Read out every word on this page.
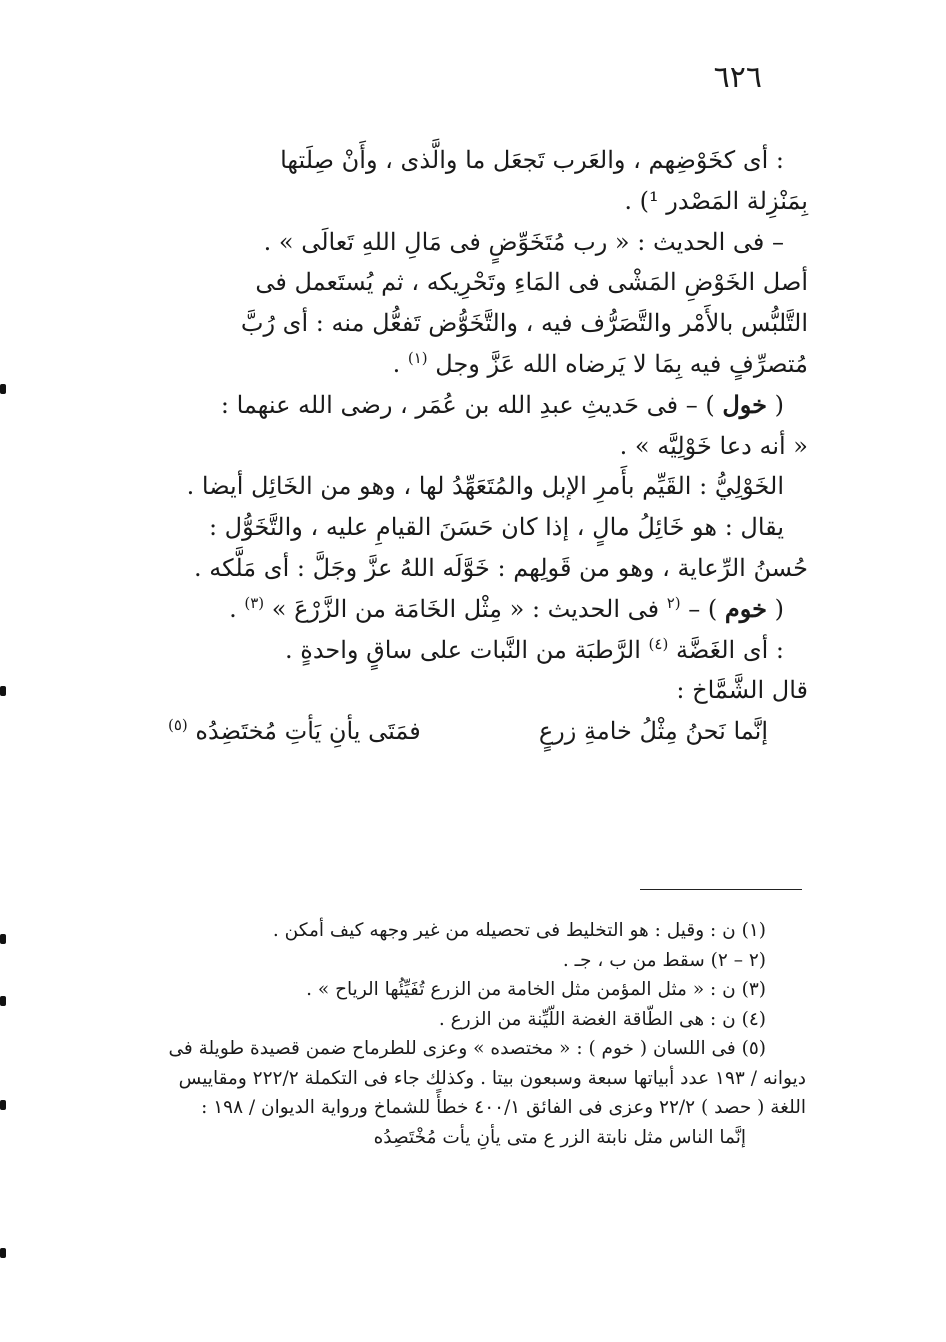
٦٢٦

: أى كخَوْضِهم ، والعَرب تَجعَل ما والَّذى ، وأَنْ صِلَتها

بِمَنْزِلة المَصْدر ¹) .

– فى الحديث : « رب مُتَخَوِّضٍ فى مَالِ اللهِ تَعالَى » .

أصل الخَوْضِ المَشْى فى المَاءِ وتَحْرِيكه ، ثم يُستَعمل فى

التَّلبُّس بالأَمْر والتَّصَرُّف فيه ، والتَّخَوُّض تَفعُّل منه : أى رُبَّ

مُتصرِّفٍ فيه بِمَا لا يَرضاه الله عَزَّ وجل $^{(١)}$ .

( خول ) – فى حَديثِ عبدِ الله بن عُمَر ، رضى الله عنهما :

« أنه دعا خَوْلِيَّه » .

الخَوْلِيُّ : القَيِّم بأَمرِ الإبل والمُتَعَهِّدُ لها ، وهو من الخَائِل أيضا .

يقال : هو خَائِلُ مالٍ ، إذا كان حَسَنَ القيامِ عليه ، والتَّخَوُّل :

حُسنُ الرِّعاية ، وهو من قَولِهم : خَوَّلَه اللهُ عزَّ وجَلَّ : أى مَلَّكه .

( خوم ) – $^{(٢}$ فى الحديث : « مِثْل الخَامَة من الزَّرْعَ » $^{(٣)}$ .

: أى الغَضَّة $^{(٤)}$ الرَّطبَة من النَّبات على ساقٍ واحدةٍ .

قال الشَّمَّاخ :

إنَّما نَحنُ مِثْلُ خامةِ زرعٍ
فمَتَى يأنِ يَأتِ مُختَضِدُه $^{(٥)}$

(١) ن : وقيل : هو التخليط فى تحصيله من غير وجهه كيف أمكن .

(٢ – ٢) سقط من ب ، جـ .

(٣) ن : « مثل المؤمن مثل الخامة من الزرع تُفَيِّئُها الرياح » .

(٤) ن : هى الطّاقة الغضة اللّيِّنة من الزرع .

(٥) فى اللسان ( خوم ) : « مختصده » وعزى للطرماح ضمن قصيدة طويلة فى

ديوانه / ١٩٣ عدد أبياتها سبعة وسبعون بيتا . وكذلك جاء فى التكملة ٢٢٢/٢ ومقاييس

اللغة ( حصد ) ٢٢/٢ وعزى فى الفائق ٤٠٠/١ خطأً للشماخ ورواية الديوان / ١٩٨ :

إنَّما الناس مثل نابتة الزر ع متى يأنِ يأت مُخْتَصِدُه
